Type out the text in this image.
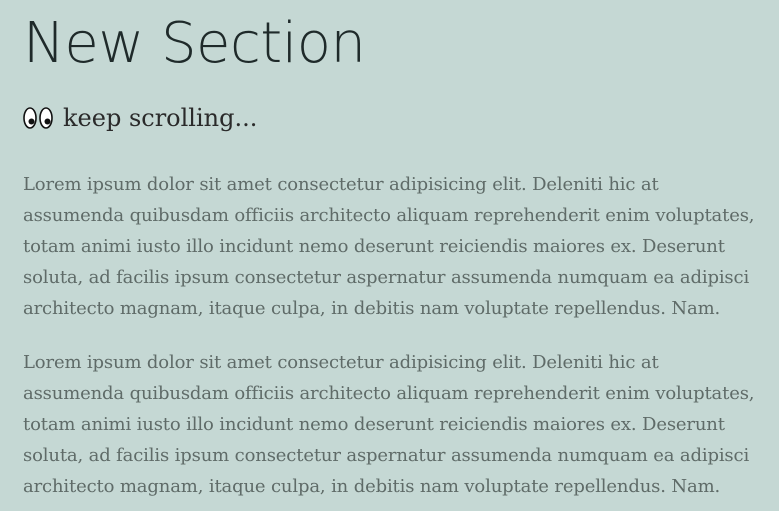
New Section
keep scrolling...

Lorem ipsum dolor sit amet consectetur adipisicing elit. Deleniti hic at assumenda quibusdam officiis architecto aliquam reprehenderit enim voluptates, totam animi iusto illo incidunt nemo deserunt reiciendis maiores ex. Deserunt soluta, ad facilis ipsum consectetur aspernatur assumenda numquam ea adipisci architecto magnam, itaque culpa, in debitis nam voluptate repellendus. Nam.

Lorem ipsum dolor sit amet consectetur adipisicing elit. Deleniti hic at assumenda quibusdam officiis architecto aliquam reprehenderit enim voluptates, totam animi iusto illo incidunt nemo deserunt reiciendis maiores ex. Deserunt soluta, ad facilis ipsum consectetur aspernatur assumenda numquam ea adipisci architecto magnam, itaque culpa, in debitis nam voluptate repellendus. Nam.
